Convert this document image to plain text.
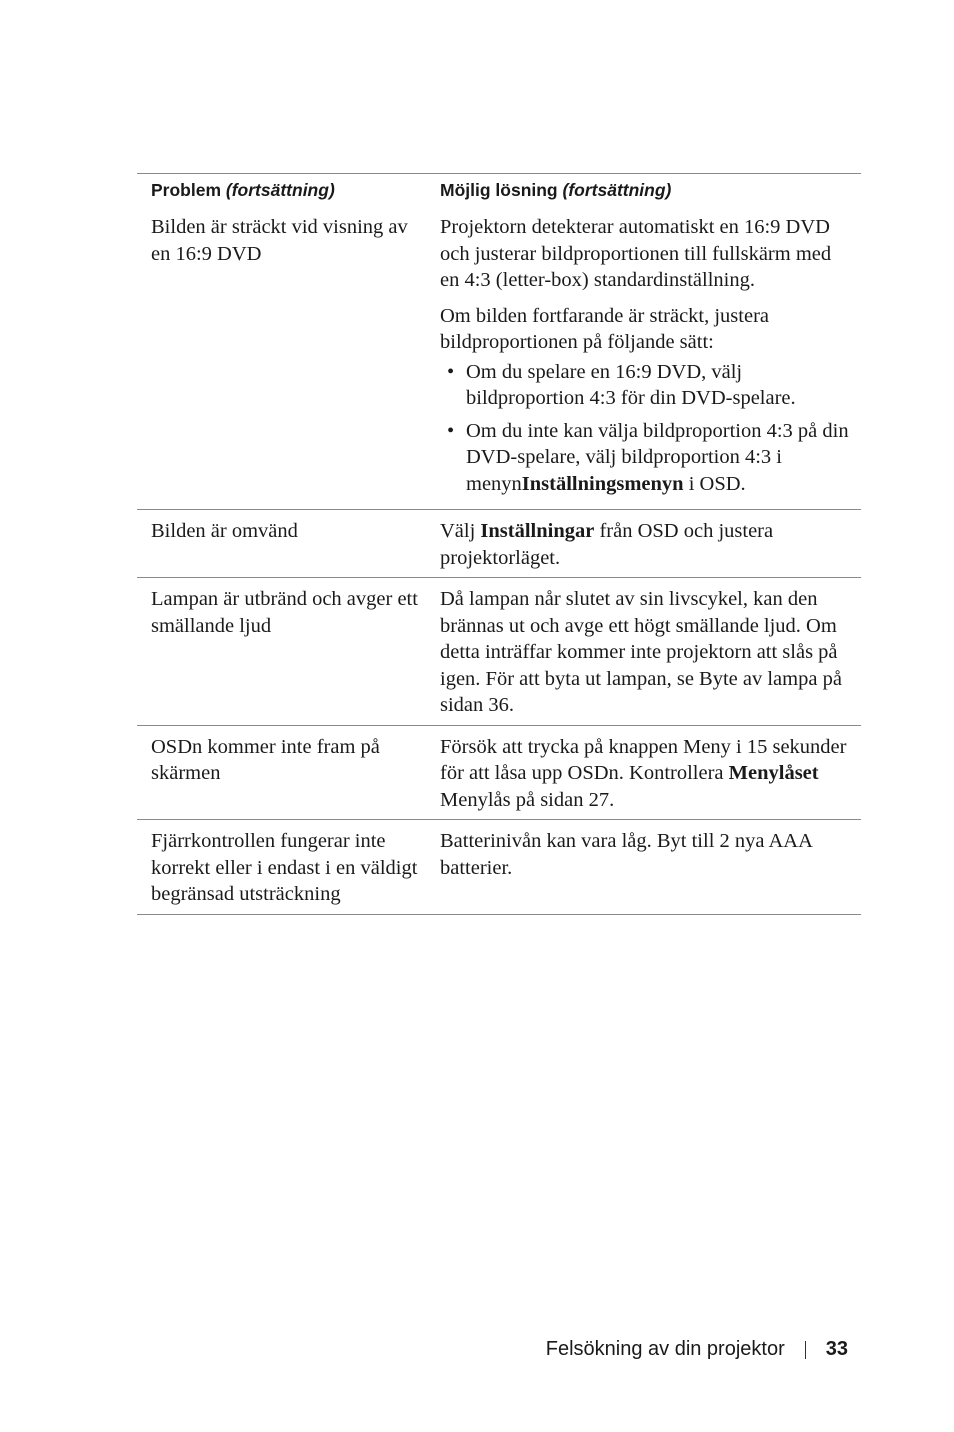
Problem (fortsättning)	Möjlig lösning (fortsättning)
Bilden är sträckt vid visning av en 16:9 DVD

Projektorn detekterar automatiskt en 16:9 DVD och justerar bildproportionen till fullskärm med en 4:3 (letter-box) standardinställning.

Om bilden fortfarande är sträckt, justera bildproportionen på följande sätt:

• Om du spelare en 16:9 DVD, välj bildproportion 4:3 för din DVD-spelare.
• Om du inte kan välja bildproportion 4:3 på din DVD-spelare, välj bildproportion 4:3 i menynInställningsmenyn i OSD.
Bilden är omvänd	Välj Inställningar från OSD och justera projektorläget.
Lampan är utbränd och avger ett smällande ljud
Då lampan når slutet av sin livscykel, kan den brännas ut och avge ett högt smällande ljud. Om detta inträffar kommer inte projektorn att slås på igen. För att byta ut lampan, se Byte av lampa på sidan 36.
OSDn kommer inte fram på skärmen
Försök att trycka på knappen Meny i 15 sekunder för att låsa upp OSDn. Kontrollera Menylåset Menylås på sidan 27.
Fjärrkontrollen fungerar inte korrekt eller i endast i en väldigt begränsad utsträckning
Batterinivån kan vara låg. Byt till 2 nya AAA batterier.
Felsökning av din projektor 33
